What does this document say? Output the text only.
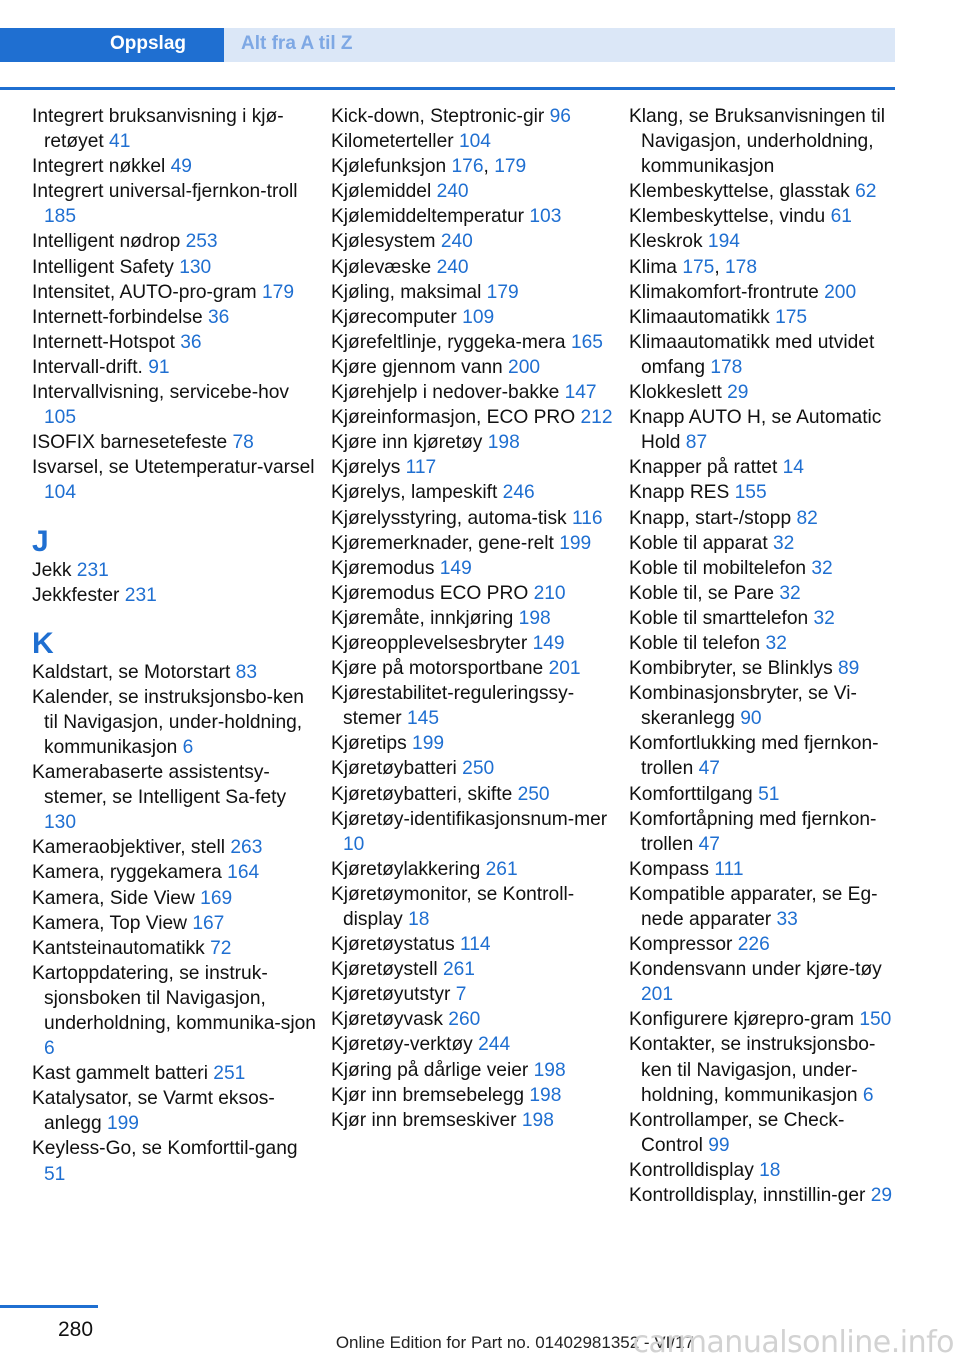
Oppslag	Alt fra A til Z
Integrert bruksanvisning i kjø-retøyet 41
Integrert nøkkel 49
Integrert universal-fjernkon-troll 185
Intelligent nødrop 253
Intelligent Safety 130
Intensitet, AUTO-pro-gram 179
Internett-forbindelse 36
Internett-Hotspot 36
Intervall-drift. 91
Intervallvisning, servicebe-hov 105
ISOFIX barnesetefeste 78
Isvarsel, se Utetemperatur-varsel 104
J
Jekk 231
Jekkfester 231
K
Kaldstart, se Motorstart 83
Kalender, se instruksjonsbo-ken til Navigasjon, under-holdning, kommunikasjon 6
Kamerabaserte assistentsy-stemer, se Intelligent Sa-fety 130
Kameraobjektiver, stell 263
Kamera, ryggekamera 164
Kamera, Side View 169
Kamera, Top View 167
Kantsteinautomatikk 72
Kartoppdatering, se instruk-sjonsboken til Navigasjon, underholdning, kommunika-sjon 6
Kast gammelt batteri 251
Katalysator, se Varmt eksos-anlegg 199
Keyless-Go, se Komforttil-gang 51
Kick-down, Steptronic-gir 96
Kilometerteller 104
Kjølefunksjon 176, 179
Kjølemiddel 240
Kjølemiddeltemperatur 103
Kjølesystem 240
Kjølevæske 240
Kjøling, maksimal 179
Kjørecomputer 109
Kjørefeltlinje, ryggeka-mera 165
Kjøre gjennom vann 200
Kjørehjelp i nedover-bakke 147
Kjøreinformasjon, ECO PRO 212
Kjøre inn kjøretøy 198
Kjørelys 117
Kjørelys, lampeskift 246
Kjørelysstyring, automa-tisk 116
Kjøremerknader, gene-relt 199
Kjøremodus 149
Kjøremodus ECO PRO 210
Kjøremåte, innkjøring 198
Kjøreopplevelsesbryter 149
Kjøre på motorsportbane 201
Kjørestabilitet-reguleringssy-stemer 145
Kjøretips 199
Kjøretøybatteri 250
Kjøretøybatteri, skifte 250
Kjøretøy-identifikasjonsnum-mer 10
Kjøretøylakkering 261
Kjøretøymonitor, se Kontroll-display 18
Kjøretøystatus 114
Kjøretøystell 261
Kjøretøyutstyr 7
Kjøretøyvask 260
Kjøretøy-verktøy 244
Kjøring på dårlige veier 198
Kjør inn bremsebelegg 198
Kjør inn bremseskiver 198
Klang, se Bruksanvisningen til Navigasjon, underholdning, kommunikasjon
Klembeskyttelse, glasstak 62
Klembeskyttelse, vindu 61
Kleskrok 194
Klima 175, 178
Klimakomfort-frontrute 200
Klimaautomatikk 175
Klimaautomatikk med utvidet omfang 178
Klokkeslett 29
Knapp AUTO H, se Automatic Hold 87
Knapper på rattet 14
Knapp RES 155
Knapp, start-/stopp 82
Koble til apparat 32
Koble til mobiltelefon 32
Koble til, se Pare 32
Koble til smarttelefon 32
Koble til telefon 32
Kombibryter, se Blinklys 89
Kombinasjonsbryter, se Vi-skeranlegg 90
Komfortlukking med fjernkon-trollen 47
Komforttilgang 51
Komfortåpning med fjernkon-trollen 47
Kompass 111
Kompatible apparater, se Eg-nede apparater 33
Kompressor 226
Kondensvann under kjøre-tøy 201
Konfigurere kjørepro-gram 150
Kontakter, se instruksjonsbo-ken til Navigasjon, under-holdning, kommunikasjon 6
Kontrollamper, se Check-Control 99
Kontrolldisplay 18
Kontrolldisplay, innstillin-ger 29
280
Online Edition for Part no. 01402981352 - VI/17
carmanualsonline.info
